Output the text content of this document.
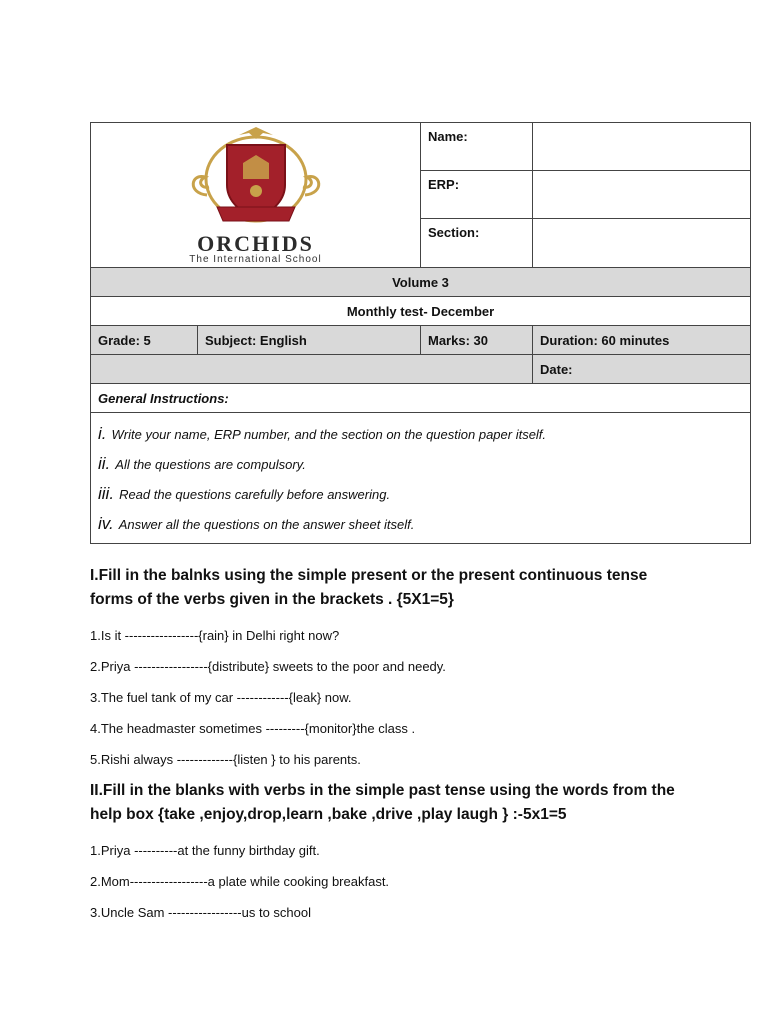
ORCHIDS
The International School		Name:	
		ERP:	
		Section:	
Volume 3			
Monthly test- December			
Grade: 5	Subject: English	Marks: 30	Duration: 60 minutes
			Date:
General Instructions:			

i. Write your name, ERP number, and the section on the question paper itself.
ii. All the questions are compulsory.
iii. Read the questions carefully before answering.
iv. Answer all the questions on the answer sheet itself.			

I.Fill in the balnks using the simple present or the present continuous tense

forms of the verbs given in the brackets . {5X1=5}

1.Is it -----------------{rain} in Delhi right now?

2.Priya -----------------{distribute} sweets to the poor and needy.

3.The fuel tank of my car ------------{leak} now.

4.The headmaster sometimes ---------{monitor}the class .

5.Rishi always -------------{listen } to his parents.

II.Fill in the blanks with verbs in the simple past tense using the words from the

help box {take ,enjoy,drop,learn ,bake ,drive ,play laugh } :-5x1=5

1.Priya ----------at the funny birthday gift.

2.Mom------------------a plate while cooking breakfast.

3.Uncle Sam -----------------us to school
